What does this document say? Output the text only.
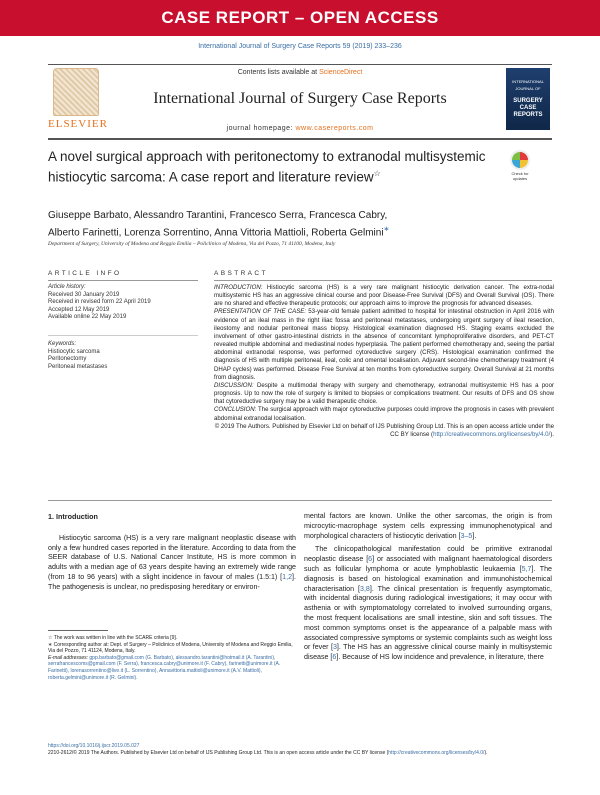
CASE REPORT – OPEN ACCESS
International Journal of Surgery Case Reports 59 (2019) 233–236
ELSEVIER
Contents lists available at ScienceDirect
International Journal of Surgery Case Reports
journal homepage: www.casereports.com
INTERNATIONAL JOURNAL OF
SURGERY
CASE
REPORTS
A novel surgical approach with peritonectomy to extranodal multisystemic histiocytic sarcoma: A case report and literature review☆	Check for updates
Giuseppe Barbato, Alessandro Tarantini, Francesco Serra, Francesca Cabry,
Alberto Farinetti, Lorenza Sorrentino, Anna Vittoria Mattioli, Roberta Gelmini∗
Department of Surgery, University of Modena and Reggio Emilia – Policlinico of Modena, Via del Pozzo, 71 41100, Modena, Italy
ARTICLE INFO	ABSTRACT
Article history:
Received 30 January 2019
Received in revised form 22 April 2019
Accepted 12 May 2019
Available online 22 May 2019
Keywords:
Histiocytic sarcoma
Peritonectomy
Peritoneal metastases

INTRODUCTION: Histiocytic sarcoma (HS) is a very rare malignant histiocytic derivation cancer. The extra-nodal multisystemic HS has an aggressive clinical course and poor Disease-Free Survival (DFS) and Overall Survival (OS). There are no shared and effective therapeutic protocols; our approach aims to improve the prognosis for advanced diseases.

PRESENTATION OF THE CASE: 53-year-old female patient admitted to hospital for intestinal obstruction in April 2016 with evidence of an ileal mass in the right iliac fossa and peritoneal metastases, undergoing urgent surgery of ileal resection, ileostomy and nodular peritoneal mass biopsy. Histological examination diagnosed HS. Staging exams excluded the involvement of other gastro-intestinal districts in the absence of concomitant lymphoproliferative disorders, and PET-CT revealed multiple abdominal and mediastinal nodes hyperplasia. The patient performed chemotherapy and, seeing the partial abdominal extranodal response, was performed cytoreductive surgery (CRS). Histological examination confirmed the diagnosis of HS with multiple peritoneal, ileal, colic and omental localisation. Adjuvant second-line chemotherapy treatment (4 DHAP cycles) was performed. Disease Free Survival at ten months from cytoreductive surgery. Overall Survival at 21 months from diagnosis.

DISCUSSION: Despite a multimodal therapy with surgery and chemotherapy, extranodal multisystemic HS has a poor prognosis. Up to now the role of surgery is limited to biopsies or complications treatment. Our results of DFS and OS show that cytoreductive surgery may be a valid therapeutic choice.

CONCLUSION: The surgical approach with major cytoreductive purposes could improve the prognosis in cases with prevalent abdominal extranodal localisation.

© 2019 The Authors. Published by Elsevier Ltd on behalf of IJS Publishing Group Ltd. This is an open access article under the CC BY license (http://creativecommons.org/licenses/by/4.0/).

1. Introduction

Histiocytic sarcoma (HS) is a very rare malignant neoplastic disease with only a few hundred cases reported in the literature. According to data from the SEER database of U.S. National Cancer Institute, HS is more common in adults with a median age of 63 years despite having an extremely wide range (from 18 to 96 years) with a slight incidence in favour of males (1.5:1) [1,2]. The pathogenesis is unclear, no predisposing hereditary or environ-

mental factors are known. Unlike the other sarcomas, the origin is from microcytic-macrophage system cells expressing immunophenotypical and morphological characters of histiocytic derivation [3–5].

The clinicopathological manifestation could be primitive extranodal neoplastic disease [6] or associated with malignant haematological disorders such as follicular lymphoma or acute lymphoblastic leukaemia [5,7]. The diagnosis is based on histological examination and immunohistochemical characterisation [3,8]. The clinical presentation is frequently asymptomatic, with incidental diagnosis during radiological investigations; it may occur with asthenia or with symptomatology correlated to involved surrounding organs, the most frequent localisations are small intestine, skin and soft tissues. The most common symptoms onset is the appearance of a palpable mass with associated compressive symptoms or systemic complaints such as weight loss or fever [3]. The HS has an aggressive clinical course mainly in multisystemic disease [6]. Because of HS low incidence and prevalence, in literature, there

☆ The work was written in line with the SCARE criteria [9].

∗ Corresponding author at: Dept. of Surgery – Policlinico of Modena, University of Modena and Reggio Emilia, Via del Pozzo, 71 41124, Modena, Italy.

E-mail addresses: gpp.barbato@gmail.com (G. Barbato), alessandro.tarantini@hotmail.it (A. Tarantini), serrafrancescoms@gmail.com (F. Serra), francesca.cabry@unimore.it (F. Cabry), farinetti@unimore.it (A. Farinetti), lorenasorrentino@live.it (L. Sorrentino), Annavittoria.mattioli@unimore.it (A.V. Mattioli), roberta.gelmini@unimore.it (R. Gelmini).

https://doi.org/10.1016/j.ijscr.2019.05.027
2210-2612/© 2019 The Authors. Published by Elsevier Ltd on behalf of IJS Publishing Group Ltd. This is an open access article under the CC BY license (http://creativecommons.org/licenses/by/4.0/).
